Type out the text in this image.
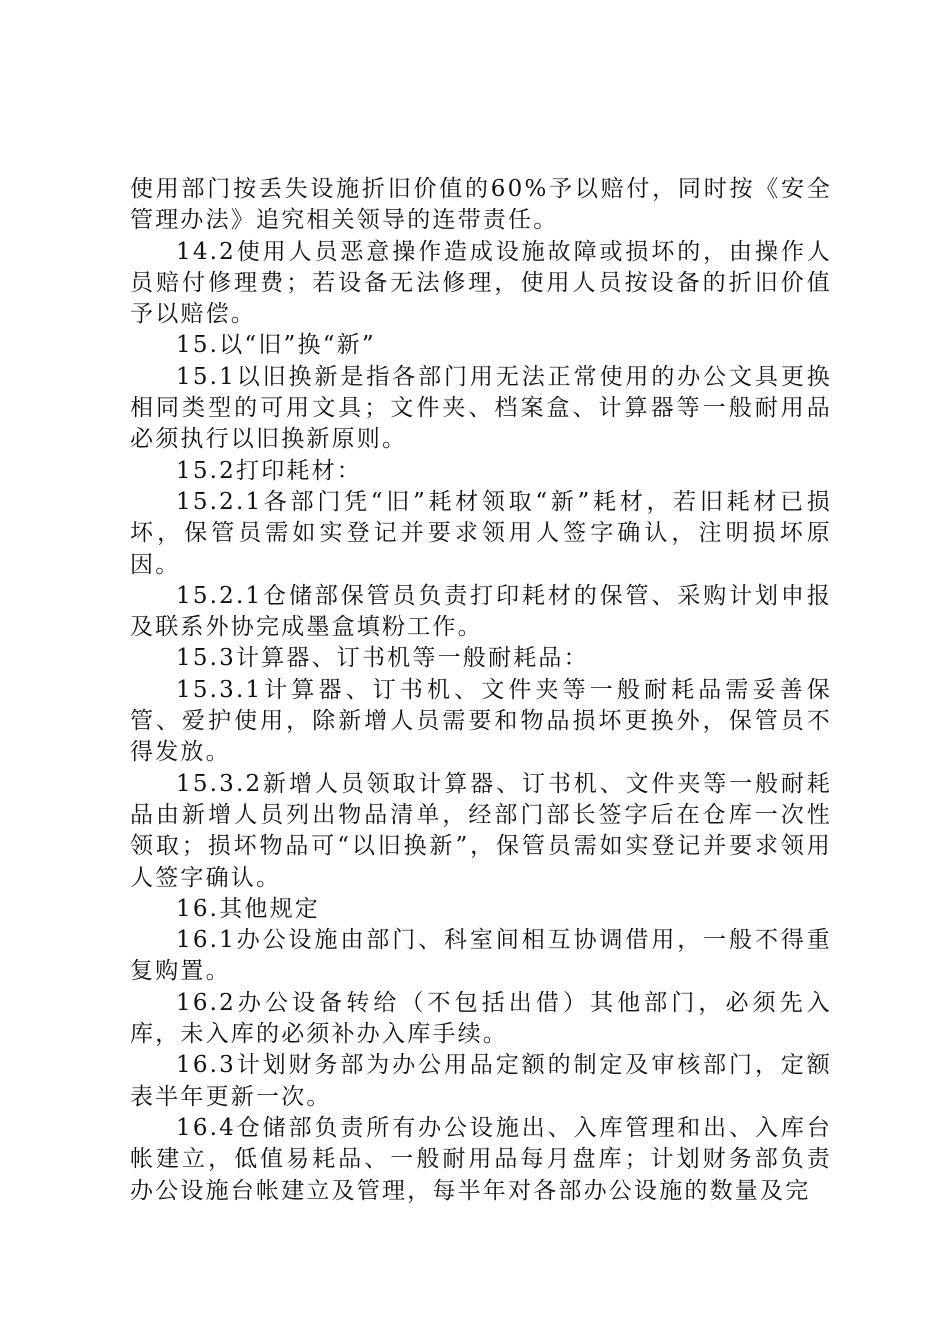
使用部门按丢失设施折旧价值的60%予以赔付，同时按《安全管理办法》追究相关领导的连带责任。

14.2使用人员恶意操作造成设施故障或损坏的，由操作人员赔付修理费；若设备无法修理，使用人员按设备的折旧价值予以赔偿。

15.以“旧”换“新”

15.1以旧换新是指各部门用无法正常使用的办公文具更换相同类型的可用文具；文件夹、档案盒、计算器等一般耐用品必须执行以旧换新原则。

15.2打印耗材：

15.2.1各部门凭“旧”耗材领取“新”耗材，若旧耗材已损坏，保管员需如实登记并要求领用人签字确认，注明损坏原因。

15.2.1仓储部保管员负责打印耗材的保管、采购计划申报及联系外协完成墨盒填粉工作。

15.3计算器、订书机等一般耐耗品：

15.3.1计算器、订书机、文件夹等一般耐耗品需妥善保管、爱护使用，除新增人员需要和物品损坏更换外，保管员不得发放。

15.3.2新增人员领取计算器、订书机、文件夹等一般耐耗品由新增人员列出物品清单，经部门部长签字后在仓库一次性领取；损坏物品可“以旧换新”，保管员需如实登记并要求领用人签字确认。

16.其他规定

16.1办公设施由部门、科室间相互协调借用，一般不得重复购置。

16.2办公设备转给（不包括出借）其他部门，必须先入库，未入库的必须补办入库手续。

16.3计划财务部为办公用品定额的制定及审核部门，定额表半年更新一次。

16.4仓储部负责所有办公设施出、入库管理和出、入库台帐建立，低值易耗品、一般耐用品每月盘库；计划财务部负责办公设施台帐建立及管理，每半年对各部办公设施的数量及完
